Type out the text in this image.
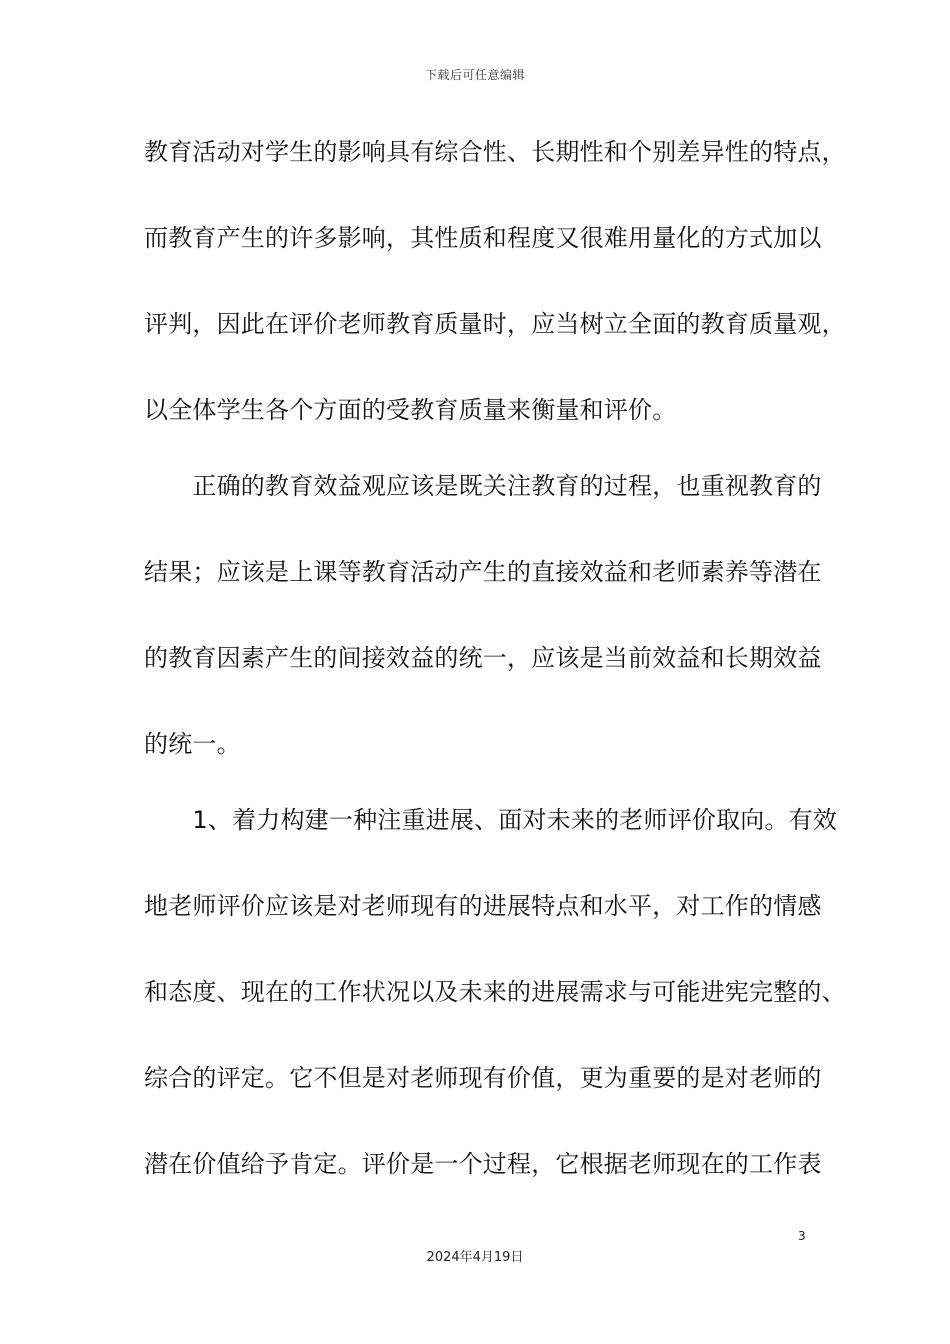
下载后可任意编辑
教育活动对学生的影响具有综合性、长期性和个别差异性的特点，
而教育产生的许多影响，其性质和程度又很难用量化的方式加以
评判，因此在评价老师教育质量时，应当树立全面的教育质量观，
以全体学生各个方面的受教育质量来衡量和评价。
　　正确的教育效益观应该是既关注教育的过程，也重视教育的
结果；应该是上课等教育活动产生的直接效益和老师素养等潜在
的教育因素产生的间接效益的统一，应该是当前效益和长期效益
的统一。
　　1、着力构建一种注重进展、面对未来的老师评价取向。有效
地老师评价应该是对老师现有的进展特点和水平，对工作的情感
和态度、现在的工作状况以及未来的进展需求与可能进宪完整的、
综合的评定。它不但是对老师现有价值，更为重要的是对老师的
潜在价值给予肯定。评价是一个过程，它根据老师现在的工作表
3
2024年4月19日
